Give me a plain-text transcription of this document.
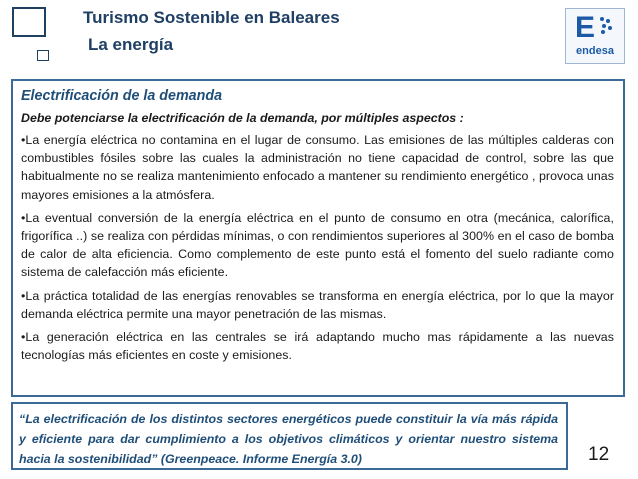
Turismo Sostenible en Baleares
La energía
E
endesa
Electrificación de la demanda
Debe potenciarse la electrificación de la demanda, por múltiples aspectos :
•La energía eléctrica no contamina en el lugar de consumo. Las emisiones de las múltiples calderas con combustibles fósiles sobre las cuales la administración no tiene capacidad de control, sobre las que habitualmente no se realiza mantenimiento enfocado a mantener su rendimiento energético , provoca unas mayores emisiones a la atmósfera.
•La eventual conversión de la energía eléctrica en el punto de consumo en otra (mecánica, calorífica, frigorífica ..) se realiza con pérdidas mínimas, o con rendimientos superiores al 300% en el caso de bomba de calor de alta eficiencia. Como complemento de este punto está el fomento del suelo radiante como sistema de calefacción más eficiente.
•La práctica totalidad de las energías renovables se transforma en energía eléctrica, por lo que la mayor demanda eléctrica permite una mayor penetración de las mismas.
•La generación eléctrica en las centrales se irá adaptando mucho mas rápidamente a las nuevas tecnologías más eficientes en coste y emisiones.
“La electrificación de los distintos sectores energéticos puede constituir la vía más rápida y eficiente para dar cumplimiento a los objetivos climáticos y orientar nuestro sistema hacia la sostenibilidad” (Greenpeace. Informe Energía 3.0)	12
